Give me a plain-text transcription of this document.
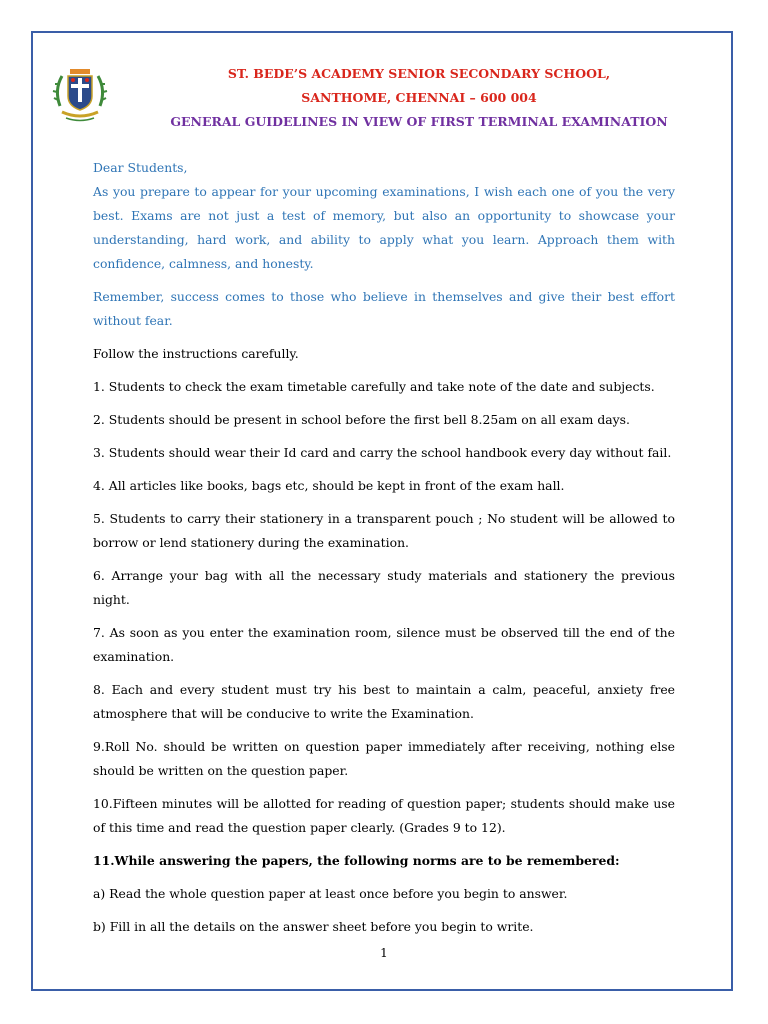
ST. BEDE’S ACADEMY SENIOR SECONDARY SCHOOL,
SANTHOME, CHENNAI – 600 004
GENERAL GUIDELINES IN VIEW OF FIRST TERMINAL EXAMINATION

Dear Students,

As you prepare to appear for your upcoming examinations, I wish each one of you the very best. Exams are not just a test of memory, but also an opportunity to showcase your understanding, hard work, and ability to apply what you learn. Approach them with confidence, calmness, and honesty.

Remember, success comes to those who believe in themselves and give their best effort without fear.

Follow the instructions carefully.

1. Students to check the exam timetable carefully and take note of the date and subjects.

2. Students should be present in school before the first bell 8.25am on all exam days.

3. Students should wear their Id card and carry the school handbook every day without fail.

4. All articles like books, bags etc, should be kept in front of the exam hall.

5. Students to carry their stationery in a transparent pouch ; No student will be allowed to borrow or lend stationery during the examination.

6. Arrange your bag with all the necessary study materials and stationery the previous night.

7. As soon as you enter the examination room, silence must be observed till the end of the examination.

8. Each and every student must try his best to maintain a calm, peaceful, anxiety free atmosphere that will be conducive to write the Examination.

9.Roll No. should be written on question paper immediately after receiving, nothing else should be written on the question paper.

10.Fifteen minutes will be allotted for reading of question paper; students should make use of this time and read the question paper clearly. (Grades 9 to 12).

11.While answering the papers, the following norms are to be remembered:

a) Read the whole question paper at least once before you begin to answer.

b) Fill in all the details on the answer sheet before you begin to write.

1
